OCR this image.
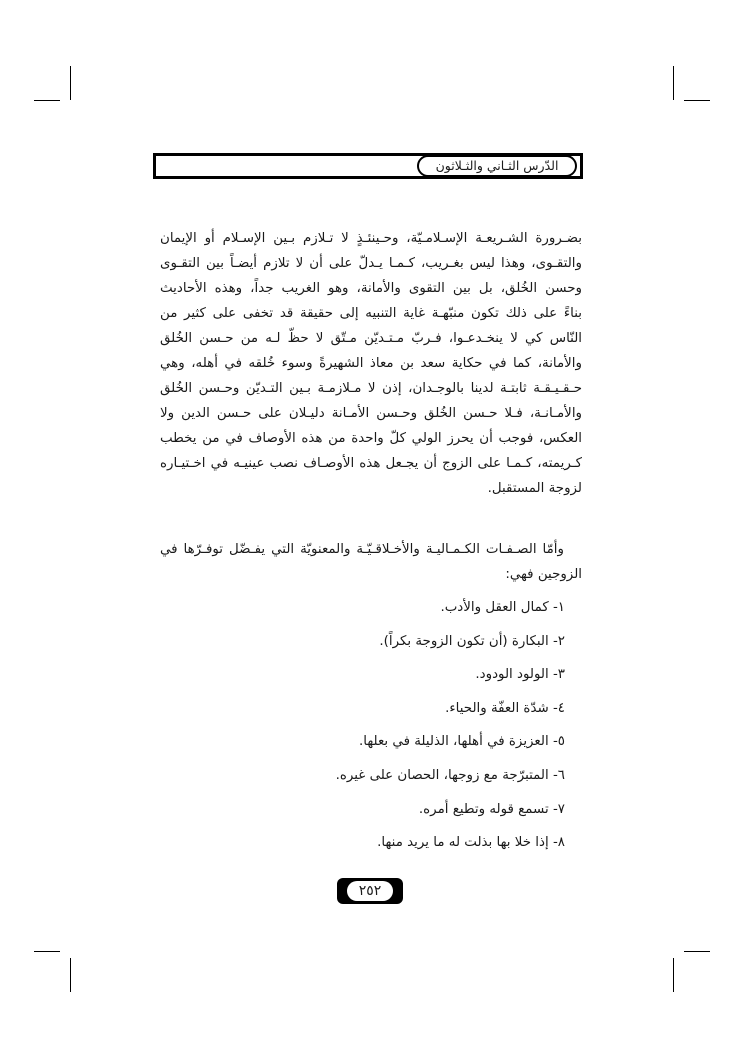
الدّرس الثـاني والثـلاثون
بضـرورة الشـريعـة الإسـلامـيّة، وحـينئـذٍ لا تـلازم بـين الإسـلام أو الإيمان
والتقـوى، وهذا ليس بغـريب، كـمـا يـدلّ على أن لا تلازم أيضـاً بين التقـوى
وحسن الخُلق، بل بين التقوى والأمانة، وهو الغريب جداً، وهذه الأحاديث
بناءً على ذلك تكون منبّهـة غاية التنبيه إلى حقيقة قد تخفى على كثير من
النّاس كي لا ينخـدعـوا، فـربّ مـتـديّن مـتّق لا حظّ لـه من حـسن الخُلق
والأمانة، كما في حكاية سعد بن معاذ الشهيرةً وسوء خُلقه في أهله، وهي
حـقـيـقـة ثابتـة لدينا بالوجـدان، إذن لا مـلازمـة بـين التـديّن وحـسن الخُلق
والأمـانـة، فـلا حـسن الخُلق وحـسن الأمـانة دليـلان على حـسن الدين ولا
العكس، فوجب أن يحرز الولي كلّ واحدة من هذه الأوصاف في من يخطب
كـريمته، كـمـا على الزوج أن يجـعل هذه الأوصـاف نصب عينيـه في اخـتيـاره
لزوجة المستقبل.
وأمّا الصـفـات الكـمـاليـة والأخـلاقـيّـة والمعنويّة التي يفـضّل توفـرّها في
الزوجين فهي:
١- كمال العقل والأدب.
٢- البكارة (أن تكون الزوجة بكراً).
٣- الولود الودود.
٤- شدّة العفّة والحياء.
٥- العزيزة في أهلها، الذليلة في بعلها.
٦- المتبرّجة مع زوجها، الحصان على غيره.
٧- تسمع قوله وتطيع أمره.
٨- إذا خلا بها بذلت له ما يريد منها.
٢٥٢
